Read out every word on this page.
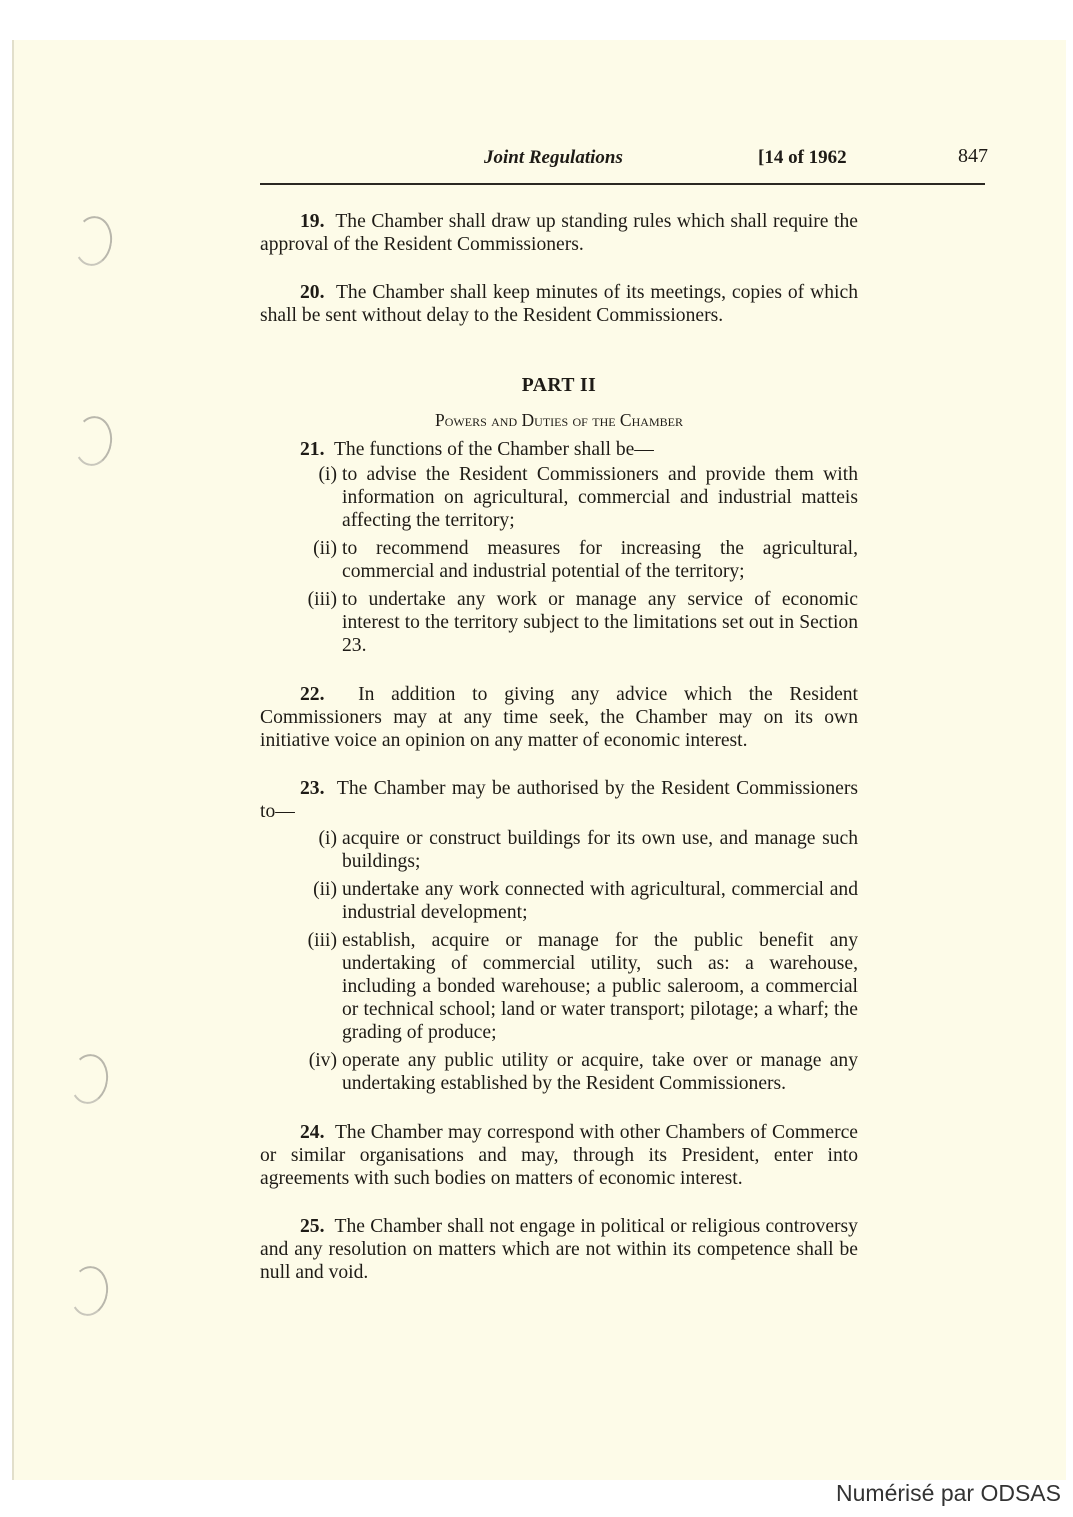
Joint Regulations	[14 of 1962	847

19. The Chamber shall draw up standing rules which shall require the approval of the Resident Commissioners.

20. The Chamber shall keep minutes of its meetings, copies of which shall be sent without delay to the Resident Commissioners.

PART II
Powers and Duties of the Chamber
21. The functions of the Chamber shall be—
(i) to advise the Resident Commissioners and provide them with information on agricultural, commercial and industrial matteis affecting the territory;
(ii) to recommend measures for increasing the agricultural, commercial and industrial potential of the territory;
(iii) to undertake any work or manage any service of economic interest to the territory subject to the limitations set out in Section 23.

22. In addition to giving any advice which the Resident Commissioners may at any time seek, the Chamber may on its own initiative voice an opinion on any matter of economic interest.

23. The Chamber may be authorised by the Resident Commissioners to—

(i) acquire or construct buildings for its own use, and manage such buildings;
(ii) undertake any work connected with agricultural, commercial and industrial development;
(iii) establish, acquire or manage for the public benefit any undertaking of commercial utility, such as: a warehouse, including a bonded warehouse; a public saleroom, a commercial or technical school; land or water transport; pilotage; a wharf; the grading of produce;
(iv) operate any public utility or acquire, take over or manage any undertaking established by the Resident Commissioners.

24. The Chamber may correspond with other Chambers of Commerce or similar organisations and may, through its President, enter into agreements with such bodies on matters of economic interest.

25. The Chamber shall not engage in political or religious controversy and any resolution on matters which are not within its competence shall be null and void.

Numérisé par ODSAS
